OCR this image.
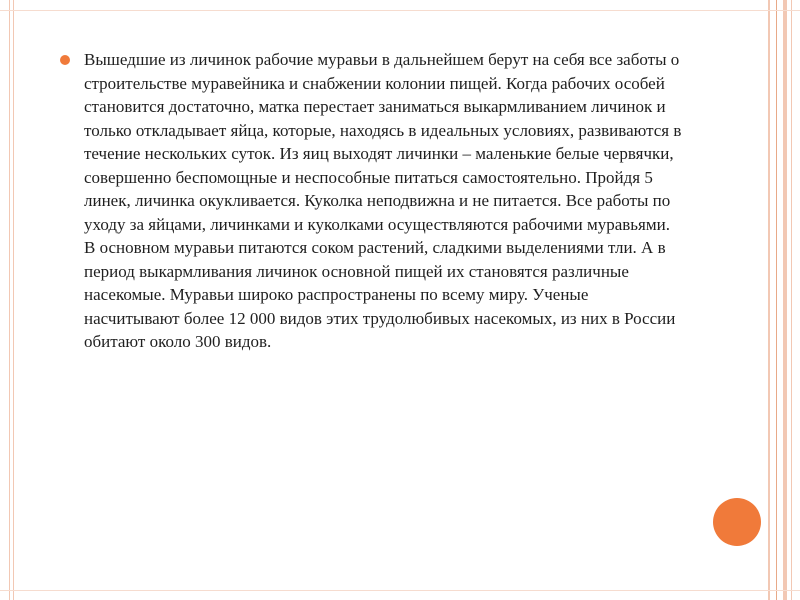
Вышедшие из личинок рабочие муравьи в дальнейшем берут на себя все заботы о строительстве муравейника и снабжении колонии пищей. Когда рабочих особей становится достаточно, матка перестает заниматься выкармливанием личинок и только откладывает яйца, которые, находясь в идеальных условиях, развиваются в течение нескольких суток. Из яиц выходят личинки – маленькие белые червячки, совершенно беспомощные и неспособные питаться самостоятельно. Пройдя 5 линек, личинка окукливается. Куколка неподвижна и не питается. Все работы по уходу за яйцами, личинками и куколками осуществляются рабочими муравьями. В основном муравьи питаются соком растений, сладкими выделениями тли. А в период выкармливания личинок основной пищей их становятся различные насекомые. Муравьи широко распространены по всему миру. Ученые насчитывают более 12 000 видов этих трудолюбивых насекомых, из них в России обитают около 300 видов.
